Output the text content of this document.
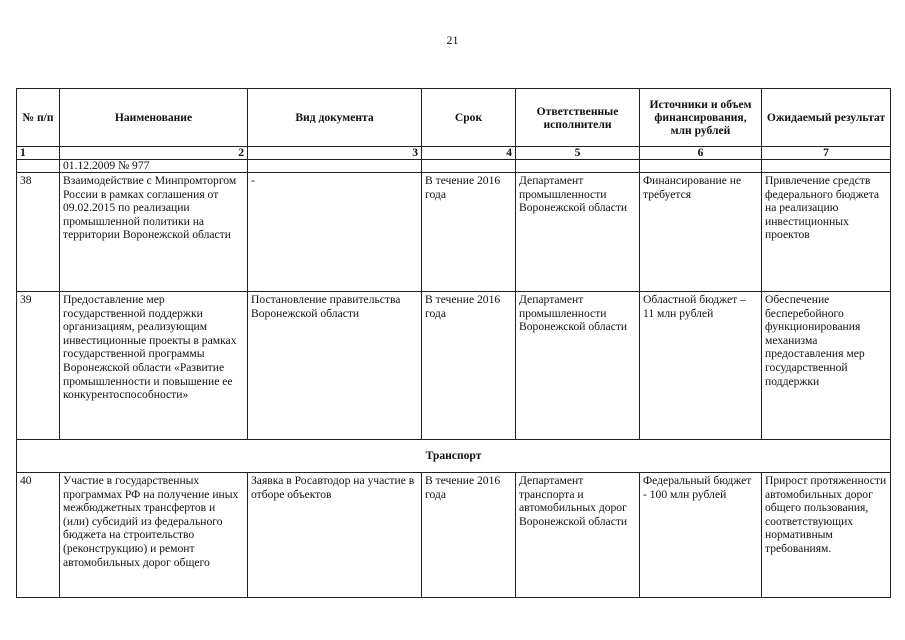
21
№ п/п	Наименование	Вид документа	Срок	Ответственные исполнители	Источники и объем финансирования, млн рублей	Ожидаемый результат
1	2	3	4	5	6	7
	01.12.2009 № 977					
38	Взаимодействие с Минпромторгом России в рамках соглашения от 09.02.2015 по реализации промышленной политики на территории Воронежской области	-	В течение 2016 года	Департамент промышленности Воронежской области	Финансирование не требуется	Привлечение средств федерального бюджета на реализацию инвестиционных проектов
39	Предоставление мер государственной поддержки организациям, реализующим инвестиционные проекты в рамках государственной программы Воронежской области «Развитие промышленности и повышение ее конкурентоспособности»	Постановление правительства Воронежской области	В течение 2016 года	Департамент промышленности Воронежской области	Областной бюджет – 11 млн рублей	Обеспечение бесперебойного функционирования механизма предоставления мер государственной поддержки
Транспорт						
40	Участие в государственных программах РФ на получение иных межбюджетных трансфертов и (или) субсидий из федерального бюджета на строительство (реконструкцию) и ремонт автомобильных дорог общего	Заявка в Росавтодор на участие в отборе объектов	В течение 2016 года	Департамент транспорта и автомобильных дорог Воронежской области	Федеральный бюджет - 100 млн рублей	Прирост протяженности автомобильных дорог общего пользования, соответствующих нормативным требованиям.
